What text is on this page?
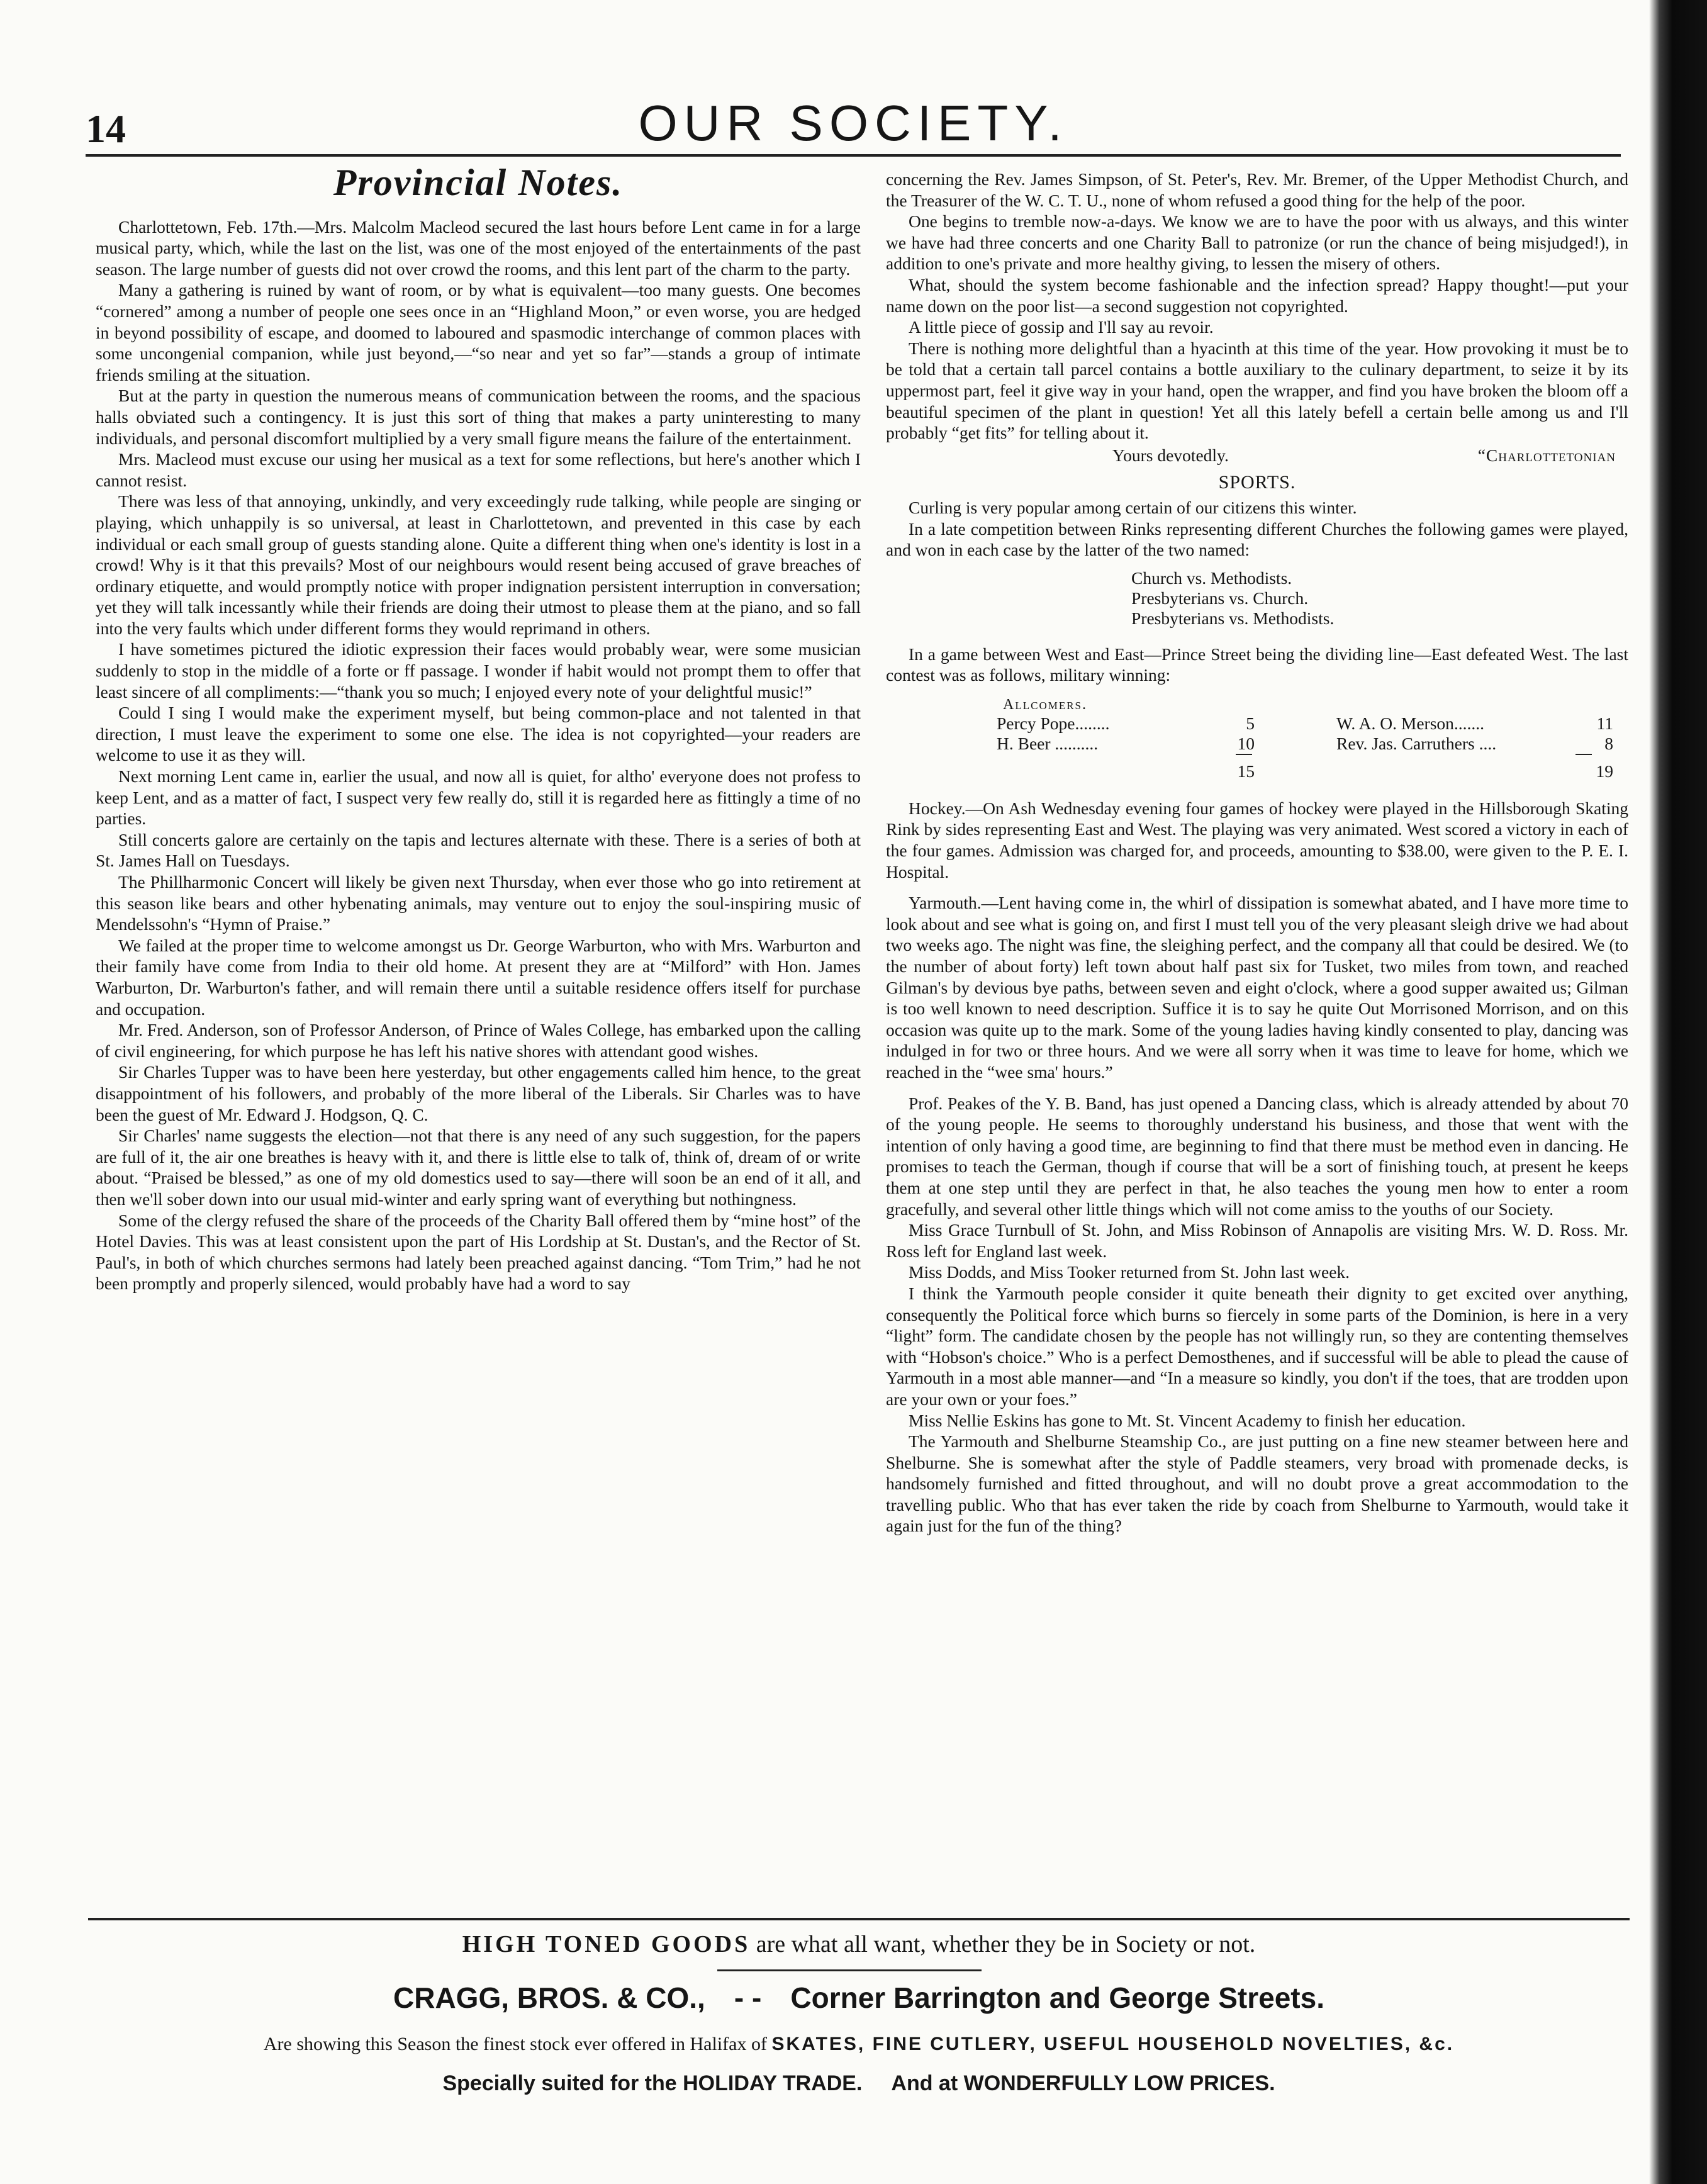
14	OUR SOCIETY.
Provincial Notes.

Charlottetown, Feb. 17th.—Mrs. Malcolm Macleod secured the last hours before Lent came in for a large musical party, which, while the last on the list, was one of the most enjoyed of the entertainments of the past season. The large number of guests did not over crowd the rooms, and this lent part of the charm to the party.

Many a gathering is ruined by want of room, or by what is equivalent—too many guests. One becomes “cornered” among a number of people one sees once in an “Highland Moon,” or even worse, you are hedged in beyond possibility of escape, and doomed to laboured and spasmodic interchange of common places with some uncongenial companion, while just beyond,—“so near and yet so far”—stands a group of intimate friends smiling at the situation.

But at the party in question the numerous means of communication between the rooms, and the spacious halls obviated such a contingency. It is just this sort of thing that makes a party uninteresting to many individuals, and personal discomfort multiplied by a very small figure means the failure of the entertainment.

Mrs. Macleod must excuse our using her musical as a text for some reflections, but here's another which I cannot resist.

There was less of that annoying, unkindly, and very exceedingly rude talking, while people are singing or playing, which unhappily is so universal, at least in Charlottetown, and prevented in this case by each individual or each small group of guests standing alone. Quite a different thing when one's identity is lost in a crowd! Why is it that this prevails? Most of our neighbours would resent being accused of grave breaches of ordinary etiquette, and would promptly notice with proper indignation persistent interruption in conversation; yet they will talk incessantly while their friends are doing their utmost to please them at the piano, and so fall into the very faults which under different forms they would reprimand in others.

I have sometimes pictured the idiotic expression their faces would probably wear, were some musician suddenly to stop in the middle of a forte or ff passage. I wonder if habit would not prompt them to offer that least sincere of all compliments:—“thank you so much; I enjoyed every note of your delightful music!”

Could I sing I would make the experiment myself, but being common-place and not talented in that direction, I must leave the experiment to some one else. The idea is not copyrighted—your readers are welcome to use it as they will.

Next morning Lent came in, earlier the usual, and now all is quiet, for altho' everyone does not profess to keep Lent, and as a matter of fact, I suspect very few really do, still it is regarded here as fittingly a time of no parties.

Still concerts galore are certainly on the tapis and lectures alternate with these. There is a series of both at St. James Hall on Tuesdays.

The Phillharmonic Concert will likely be given next Thursday, when ever those who go into retirement at this season like bears and other hybenating animals, may venture out to enjoy the soul-inspiring music of Mendelssohn's “Hymn of Praise.”

We failed at the proper time to welcome amongst us Dr. George Warburton, who with Mrs. Warburton and their family have come from India to their old home. At present they are at “Milford” with Hon. James Warburton, Dr. Warburton's father, and will remain there until a suitable residence offers itself for purchase and occupation.

Mr. Fred. Anderson, son of Professor Anderson, of Prince of Wales College, has embarked upon the calling of civil engineering, for which purpose he has left his native shores with attendant good wishes.

Sir Charles Tupper was to have been here yesterday, but other engagements called him hence, to the great disappointment of his followers, and probably of the more liberal of the Liberals. Sir Charles was to have been the guest of Mr. Edward J. Hodgson, Q. C.

Sir Charles' name suggests the election—not that there is any need of any such suggestion, for the papers are full of it, the air one breathes is heavy with it, and there is little else to talk of, think of, dream of or write about. “Praised be blessed,” as one of my old domestics used to say—there will soon be an end of it all, and then we'll sober down into our usual mid-winter and early spring want of everything but nothingness.

Some of the clergy refused the share of the proceeds of the Charity Ball offered them by “mine host” of the Hotel Davies. This was at least consistent upon the part of His Lordship at St. Dustan's, and the Rector of St. Paul's, in both of which churches sermons had lately been preached against dancing. “Tom Trim,” had he not been promptly and properly silenced, would probably have had a word to say

concerning the Rev. James Simpson, of St. Peter's, Rev. Mr. Bremer, of the Upper Methodist Church, and the Treasurer of the W. C. T. U., none of whom refused a good thing for the help of the poor.

One begins to tremble now-a-days. We know we are to have the poor with us always, and this winter we have had three concerts and one Charity Ball to patronize (or run the chance of being misjudged!), in addition to one's private and more healthy giving, to lessen the misery of others.

What, should the system become fashionable and the infection spread? Happy thought!—put your name down on the poor list—a second suggestion not copyrighted.

A little piece of gossip and I'll say au revoir.

There is nothing more delightful than a hyacinth at this time of the year. How provoking it must be to be told that a certain tall parcel contains a bottle auxiliary to the culinary department, to seize it by its uppermost part, feel it give way in your hand, open the wrapper, and find you have broken the bloom off a beautiful specimen of the plant in question! Yet all this lately befell a certain belle among us and I'll probably “get fits” for telling about it.

Yours devotedly.	“Charlottetonian
SPORTS.

Curling is very popular among certain of our citizens this winter.

In a late competition between Rinks representing different Churches the following games were played, and won in each case by the latter of the two named:

Church vs. Methodists.
Presbyterians vs. Church.
Presbyterians vs. Methodists.

In a game between West and East—Prince Street being the dividing line—East defeated West. The last contest was as follows, military winning:

Allcomers.
Percy Pope........	5	W. A. O. Merson.......	11
H. Beer ..........	10	Rev. Jas. Carruthers ....	8
15	19

Hockey.—On Ash Wednesday evening four games of hockey were played in the Hillsborough Skating Rink by sides representing East and West. The playing was very animated. West scored a victory in each of the four games. Admission was charged for, and proceeds, amounting to $38.00, were given to the P. E. I. Hospital.

Yarmouth.—Lent having come in, the whirl of dissipation is somewhat abated, and I have more time to look about and see what is going on, and first I must tell you of the very pleasant sleigh drive we had about two weeks ago. The night was fine, the sleighing perfect, and the company all that could be desired. We (to the number of about forty) left town about half past six for Tusket, two miles from town, and reached Gilman's by devious bye paths, between seven and eight o'clock, where a good supper awaited us; Gilman is too well known to need description. Suffice it is to say he quite Out Morrisoned Morrison, and on this occasion was quite up to the mark. Some of the young ladies having kindly consented to play, dancing was indulged in for two or three hours. And we were all sorry when it was time to leave for home, which we reached in the “wee sma' hours.”

Prof. Peakes of the Y. B. Band, has just opened a Dancing class, which is already attended by about 70 of the young people. He seems to thoroughly understand his business, and those that went with the intention of only having a good time, are beginning to find that there must be method even in dancing. He promises to teach the German, though if course that will be a sort of finishing touch, at present he keeps them at one step until they are perfect in that, he also teaches the young men how to enter a room gracefully, and several other little things which will not come amiss to the youths of our Society.

Miss Grace Turnbull of St. John, and Miss Robinson of Annapolis are visiting Mrs. W. D. Ross. Mr. Ross left for England last week.

Miss Dodds, and Miss Tooker returned from St. John last week.

I think the Yarmouth people consider it quite beneath their dignity to get excited over anything, consequently the Political force which burns so fiercely in some parts of the Dominion, is here in a very “light” form. The candidate chosen by the people has not willingly run, so they are contenting themselves with “Hobson's choice.” Who is a perfect Demosthenes, and if successful will be able to plead the cause of Yarmouth in a most able manner—and “In a measure so kindly, you don't if the toes, that are trodden upon are your own or your foes.”

Miss Nellie Eskins has gone to Mt. St. Vincent Academy to finish her education.

The Yarmouth and Shelburne Steamship Co., are just putting on a fine new steamer between here and Shelburne. She is somewhat after the style of Paddle steamers, very broad with promenade decks, is handsomely furnished and fitted throughout, and will no doubt prove a great accommodation to the travelling public. Who that has ever taken the ride by coach from Shelburne to Yarmouth, would take it again just for the fun of the thing?

HIGH TONED GOODS are what all want, whether they be in Society or not.
CRAGG, BROS. & CO., - - Corner Barrington and George Streets.
Are showing this Season the finest stock ever offered in Halifax of SKATES, FINE CUTLERY, USEFUL HOUSEHOLD NOVELTIES, &c.
Specially suited for the HOLIDAY TRADE. And at WONDERFULLY LOW PRICES.
